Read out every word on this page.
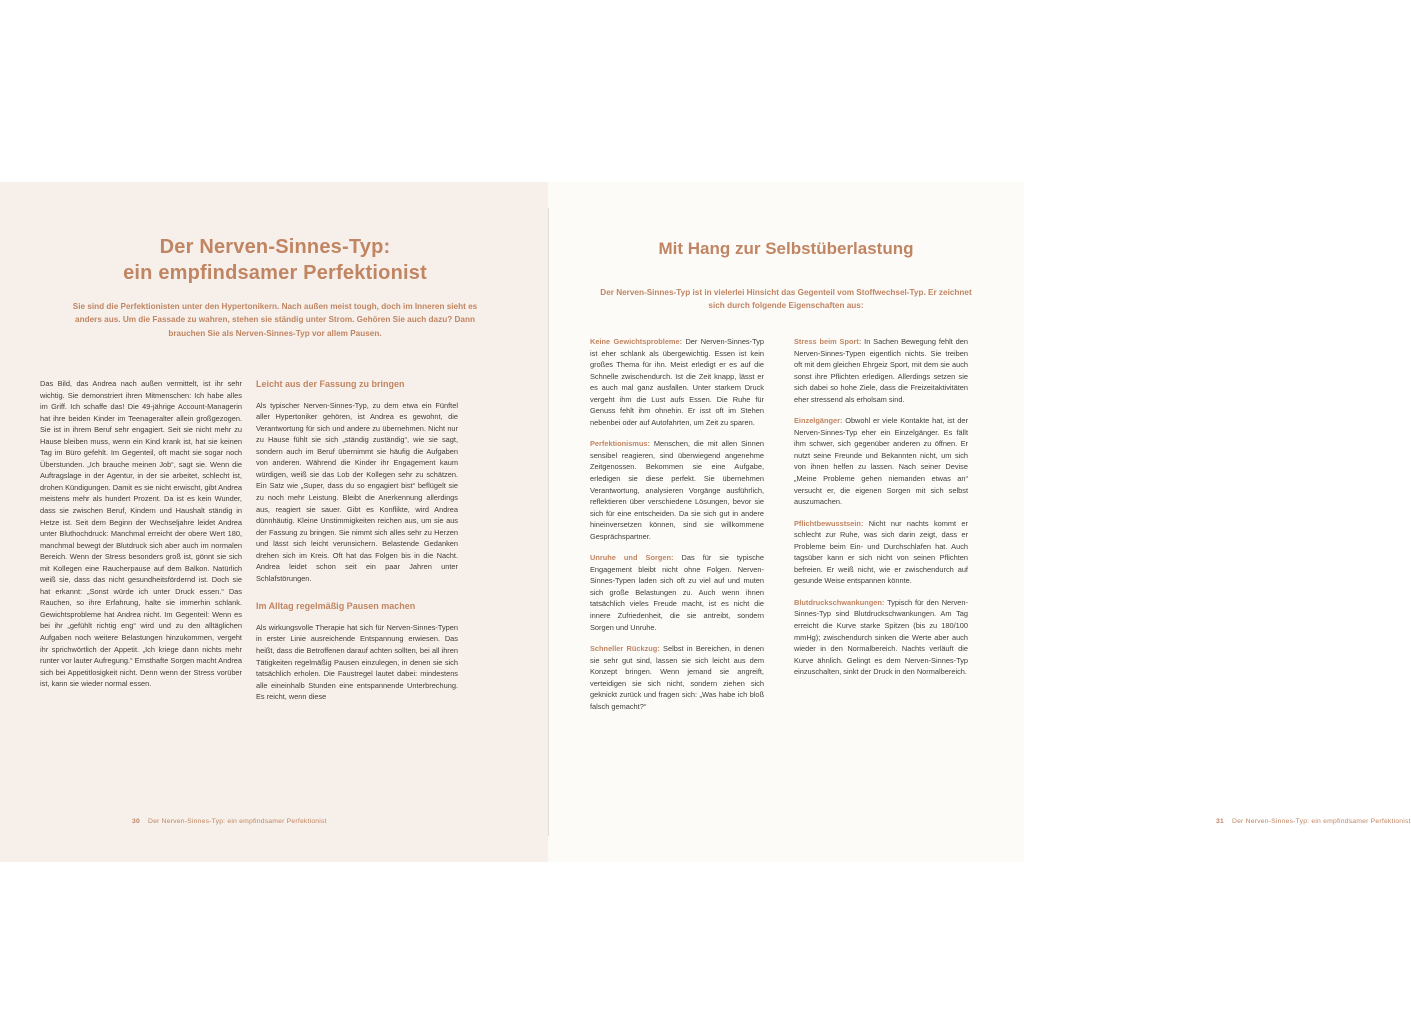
Der Nerven-Sinnes-Typ:
ein empfindsamer Perfektionist
Sie sind die Perfektionisten unter den Hypertonikern. Nach außen meist tough, doch im Inneren sieht es anders aus. Um die Fassade zu wahren, stehen sie ständig unter Strom. Gehören Sie auch dazu? Dann brauchen Sie als Nerven-Sinnes-Typ vor allem Pausen.

Das Bild, das Andrea nach außen vermittelt, ist ihr sehr wichtig. Sie demonstriert ihren Mitmenschen: Ich habe alles im Griff. Ich schaffe das! Die 49-jährige Account-Managerin hat ihre beiden Kinder im Teenageralter allein großgezogen. Sie ist in ihrem Beruf sehr engagiert. Seit sie nicht mehr zu Hause bleiben muss, wenn ein Kind krank ist, hat sie keinen Tag im Büro gefehlt. Im Gegenteil, oft macht sie sogar noch Überstunden. „Ich brauche meinen Job“, sagt sie. Wenn die Auftragslage in der Agentur, in der sie arbeitet, schlecht ist, drohen Kündigungen. Damit es sie nicht erwischt, gibt Andrea meistens mehr als hundert Prozent. Da ist es kein Wunder, dass sie zwischen Beruf, Kindern und Haushalt ständig in Hetze ist. Seit dem Beginn der Wechseljahre leidet Andrea unter Bluthochdruck: Manchmal erreicht der obere Wert 180, manchmal bewegt der Blutdruck sich aber auch im normalen Bereich. Wenn der Stress besonders groß ist, gönnt sie sich mit Kollegen eine Raucherpause auf dem Balkon. Natürlich weiß sie, dass das nicht gesundheitsfördernd ist. Doch sie hat erkannt: „Sonst würde ich unter Druck essen.“ Das Rauchen, so ihre Erfahrung, halte sie immerhin schlank. Gewichtsprobleme hat Andrea nicht. Im Gegenteil: Wenn es bei ihr „gefühlt richtig eng“ wird und zu den alltäglichen Aufgaben noch weitere Belastungen hinzukommen, vergeht ihr sprichwörtlich der Appetit. „Ich kriege dann nichts mehr runter vor lauter Aufregung.“ Ernsthafte Sorgen macht Andrea sich bei Appetitlosigkeit nicht. Denn wenn der Stress vorüber ist, kann sie wieder normal essen.

Leicht aus der Fassung zu bringen

Als typischer Nerven-Sinnes-Typ, zu dem etwa ein Fünftel aller Hypertoniker gehören, ist Andrea es gewohnt, die Verantwortung für sich und andere zu übernehmen. Nicht nur zu Hause fühlt sie sich „ständig zuständig“, wie sie sagt, sondern auch im Beruf übernimmt sie häufig die Aufgaben von anderen. Während die Kinder ihr Engagement kaum würdigen, weiß sie das Lob der Kollegen sehr zu schätzen. Ein Satz wie „Super, dass du so engagiert bist“ beflügelt sie zu noch mehr Leistung. Bleibt die Anerkennung allerdings aus, reagiert sie sauer. Gibt es Konflikte, wird Andrea dünnhäutig. Kleine Unstimmigkeiten reichen aus, um sie aus der Fassung zu bringen. Sie nimmt sich alles sehr zu Herzen und lässt sich leicht verunsichern. Belastende Gedanken drehen sich im Kreis. Oft hat das Folgen bis in die Nacht. Andrea leidet schon seit ein paar Jahren unter Schlafstörungen.

Im Alltag regelmäßig Pausen machen

Als wirkungsvolle Therapie hat sich für Nerven-Sinnes-Typen in erster Linie ausreichende Entspannung erwiesen. Das heißt, dass die Betroffenen darauf achten sollten, bei all ihren Tätigkeiten regelmäßig Pausen einzulegen, in denen sie sich tatsächlich erholen. Die Faustregel lautet dabei: mindestens alle eineinhalb Stunden eine entspannende Unterbrechung. Es reicht, wenn diese

30 Der Nerven-Sinnes-Typ: ein empfindsamer Perfektionist
Mit Hang zur Selbstüberlastung
Der Nerven-Sinnes-Typ ist in vielerlei Hinsicht das Gegenteil vom Stoffwechsel-Typ. Er zeichnet sich durch folgende Eigenschaften aus:

Keine Gewichtsprobleme: Der Nerven-Sinnes-Typ ist eher schlank als übergewichtig. Essen ist kein großes Thema für ihn. Meist erledigt er es auf die Schnelle zwischendurch. Ist die Zeit knapp, lässt er es auch mal ganz ausfallen. Unter starkem Druck vergeht ihm die Lust aufs Essen. Die Ruhe für Genuss fehlt ihm ohnehin. Er isst oft im Stehen nebenbei oder auf Autofahrten, um Zeit zu sparen.

Perfektionismus: Menschen, die mit allen Sinnen sensibel reagieren, sind überwiegend angenehme Zeitgenossen. Bekommen sie eine Aufgabe, erledigen sie diese perfekt. Sie übernehmen Verantwortung, analysieren Vorgänge ausführlich, reflektieren über verschiedene Lösungen, bevor sie sich für eine entscheiden. Da sie sich gut in andere hineinversetzen können, sind sie willkommene Gesprächspartner.

Unruhe und Sorgen: Das für sie typische Engagement bleibt nicht ohne Folgen. Nerven-Sinnes-Typen laden sich oft zu viel auf und muten sich große Belastungen zu. Auch wenn ihnen tatsächlich vieles Freude macht, ist es nicht die innere Zufriedenheit, die sie antreibt, sondern Sorgen und Unruhe.

Schneller Rückzug: Selbst in Bereichen, in denen sie sehr gut sind, lassen sie sich leicht aus dem Konzept bringen. Wenn jemand sie angreift, verteidigen sie sich nicht, sondern ziehen sich geknickt zurück und fragen sich: „Was habe ich bloß falsch gemacht?“

Stress beim Sport: In Sachen Bewegung fehlt den Nerven-Sinnes-Typen eigentlich nichts. Sie treiben oft mit dem gleichen Ehrgeiz Sport, mit dem sie auch sonst ihre Pflichten erledigen. Allerdings setzen sie sich dabei so hohe Ziele, dass die Freizeitaktivitäten eher stressend als erholsam sind.

Einzelgänger: Obwohl er viele Kontakte hat, ist der Nerven-Sinnes-Typ eher ein Einzelgänger. Es fällt ihm schwer, sich gegenüber anderen zu öffnen. Er nutzt seine Freunde und Bekannten nicht, um sich von ihnen helfen zu lassen. Nach seiner Devise „Meine Probleme gehen niemanden etwas an“ versucht er, die eigenen Sorgen mit sich selbst auszumachen.

Pflichtbewusstsein: Nicht nur nachts kommt er schlecht zur Ruhe, was sich darin zeigt, dass er Probleme beim Ein- und Durchschlafen hat. Auch tagsüber kann er sich nicht von seinen Pflichten befreien. Er weiß nicht, wie er zwischendurch auf gesunde Weise entspannen könnte.

Blutdruckschwankungen: Typisch für den Nerven-Sinnes-Typ sind Blutdruckschwankungen. Am Tag erreicht die Kurve starke Spitzen (bis zu 180/100 mmHg); zwischendurch sinken die Werte aber auch wieder in den Normalbereich. Nachts verläuft die Kurve ähnlich. Gelingt es dem Nerven-Sinnes-Typ einzuschalten, sinkt der Druck in den Normalbereich.

31 Der Nerven-Sinnes-Typ: ein empfindsamer Perfektionist
